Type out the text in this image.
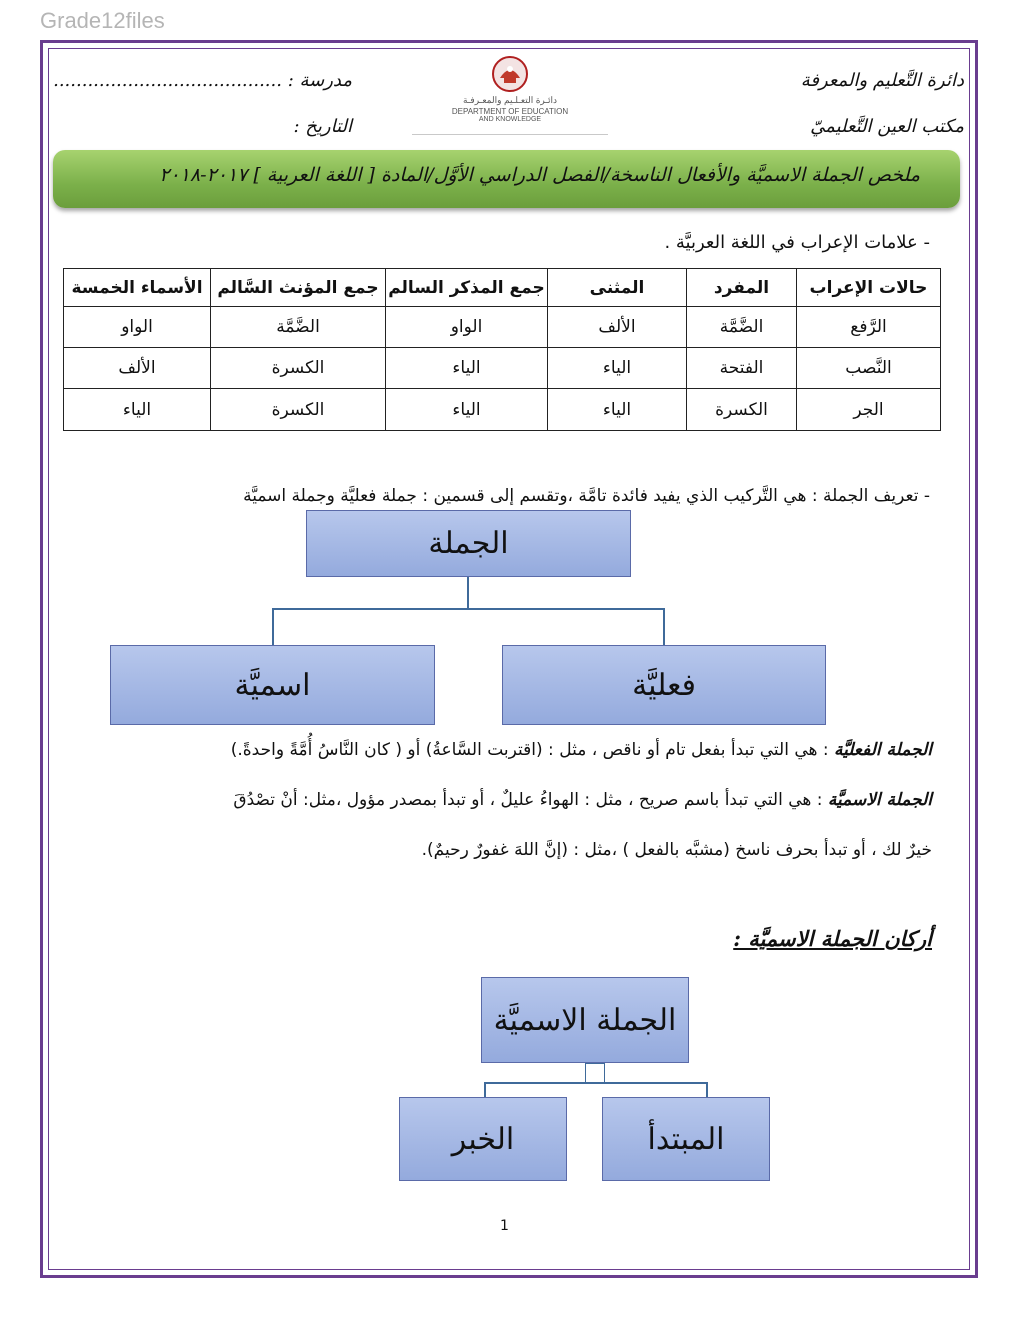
Grade12files
دائرة التَّعليم والمعرفة
مكتب العين التَّعليميّ
مدرسة : ........................................
التاريخ :
دائـرة التعـلـيم والمعـرفـة
DEPARTMENT OF EDUCATION
AND KNOWLEDGE
ملخص الجملة الاسميَّة والأفعال الناسخة/الفصل الدراسي الأوَّل/المادة [ اللغة العربية ] ٢٠١٧-٢٠١٨
- علامات الإعراب في اللغة العربيَّة .
حالات الإعراب	المفرد	المثنى	جمع المذكر السالم	جمع المؤنث السَّالم	الأسماء الخمسة
الرَّفع	الضَّمَّة	الألف	الواو	الضَّمَّة	الواو
النَّصب	الفتحة	الياء	الياء	الكسرة	الألف
الجر	الكسرة	الياء	الياء	الكسرة	الياء
- تعريف الجملة : هي التَّركيب الذي يفيد فائدة تامَّة ،وتقسم إلى قسمين : جملة فعليَّة وجملة اسميَّة
الجملة
اسميَّة	فعليَّة
الجملة الفعليَّة : هي التي تبدأ بفعل تام أو ناقص ، مثل : (اقتربت السَّاعةُ) أو ( كان النَّاسُ أُمَّةً واحدةً.)
الجملة الاسميَّة : هي التي تبدأ باسم صريح ، مثل : الهواءُ عليلٌ ، أو تبدأ بمصدر مؤول ،مثل: أنْ تصْدُقَ
خيرٌ لك ، أو تبدأ بحرف ناسخ (مشبَّه بالفعل ) ،مثل : (إنَّ اللهَ غفورٌ رحيمٌ).
أركان الجملة الاسميَّة :
الجملة الاسميَّة
الخبر	المبتدأ
1
